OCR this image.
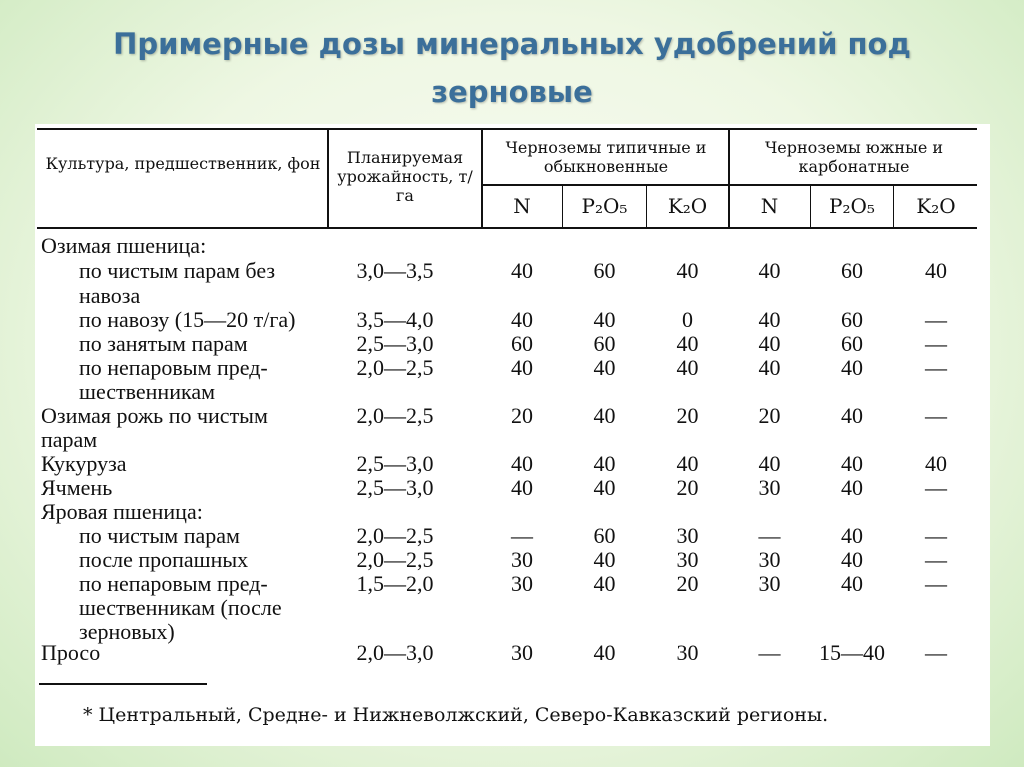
Примерные дозы минеральных удобрений под зерновые
Культура, предшественник, фон	Планируемая урожайность, т/га
Черноземы типичные и обыкновенные
Черноземы южные и карбонатные
N	P₂O₅	K₂O	N	P₂O₅	K₂O
Озимая пшеница:
по чистым парам без	3,0—3,5	40	60	40	40	60	40
навоза
по навозу (15—20 т/га)	3,5—4,0	40	40	0	40	60	—
по занятым парам	2,5—3,0	60	60	40	40	60	—
по непаровым пред-	2,0—2,5	40	40	40	40	40	—
шественникам
Озимая рожь по чистым	2,0—2,5	20	40	20	20	40	—
парам
Кукуруза	2,5—3,0	40	40	40	40	40	40
Ячмень	2,5—3,0	40	40	20	30	40	—
Яровая пшеница:
по чистым парам	2,0—2,5	—	60	30	—	40	—
после пропашных	2,0—2,5	30	40	30	30	40	—
по непаровым пред-	1,5—2,0	30	40	20	30	40	—
шественникам (после
зерновых)
Просо	2,0—3,0	30	40	30	—	15—40	—
* Центральный, Средне- и Нижневолжский, Северо-Кавказский регионы.
